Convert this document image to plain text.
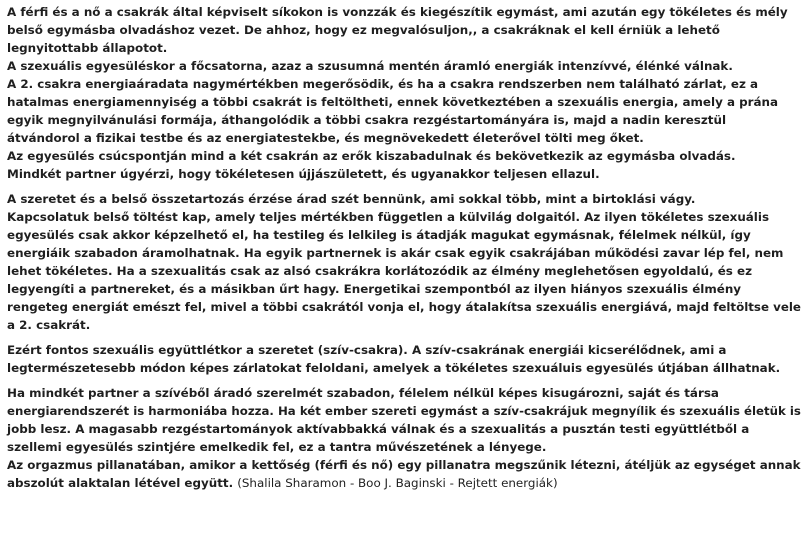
A férfi és a nő a csakrák által képviselt síkokon is vonzzák és kiegészítik egymást, ami azután egy tökéletes és mély
belső egymásba olvadáshoz vezet. De ahhoz, hogy ez megvalósuljon,, a csakráknak el kell érniük a lehető
legnyitottabb állapotot.
A szexuális egyesüléskor a főcsatorna, azaz a szusumná mentén áramló energiák intenzívvé, élénké válnak.
A 2. csakra energiaáradata nagymértékben megerősödik, és ha a csakra rendszerben nem található zárlat, ez a
hatalmas energiamennyiség a többi csakrát is feltöltheti, ennek következtében a szexuális energia, amely a prána
egyik megnyilvánulási formája, áthangolódik a többi csakra rezgéstartományára is, majd a nadin keresztül
átvándorol a fizikai testbe és az energiatestekbe, és megnövekedett életerővel tölti meg őket.
Az egyesülés csúcspontján mind a két csakrán az erők kiszabadulnak és bekövetkezik az egymásba olvadás.
Mindkét partner úgyérzi, hogy tökéletesen újjászületett, és ugyanakkor teljesen ellazul.
A szeretet és a belső összetartozás érzése árad szét bennünk, ami sokkal több, mint a birtoklási vágy.
Kapcsolatuk belső töltést kap, amely teljes mértékben független a külvilág dolgaitól. Az ilyen tökéletes szexuális
egyesülés csak akkor képzelhető el, ha testileg és lelkileg is átadják magukat egymásnak, félelmek nélkül, így
energiáik szabadon áramolhatnak. Ha egyik partnernek is akár csak egyik csakrájában működési zavar lép fel, nem
lehet tökéletes. Ha a szexualitás csak az alsó csakrákra korlátozódik az élmény meglehetősen egyoldalú, és ez
legyengíti a partnereket, és a másikban űrt hagy. Energetikai szempontból az ilyen hiányos szexuális élmény
rengeteg energiát emészt fel, mivel a többi csakrától vonja el, hogy átalakítsa szexuális energiává, majd feltöltse vele
a 2. csakrát.
Ezért fontos szexuális együttlétkor a szeretet (szív-csakra). A szív-csakrának energiái kicserélődnek, ami a
legtermészetesebb módon képes zárlatokat feloldani, amelyek a tökéletes szexuáluis egyesülés útjában állhatnak.
Ha mindkét partner a szívéből áradó szerelmét szabadon, félelem nélkül képes kisugározni, saját és társa
energiarendszerét is harmoniába hozza. Ha két ember szereti egymást a szív-csakrájuk megnyílik és szexuális életük is
jobb lesz. A magasabb rezgéstartományok aktívabbakká válnak és a szexualitás a pusztán testi együttlétből a
szellemi egyesülés szintjére emelkedik fel, ez a tantra művészetének a lényege.
Az orgazmus pillanatában, amikor a kettőség (férfi és nő) egy pillanatra megszűnik létezni, átéljük az egységet annak
abszolút alaktalan létével együtt. (Shalila Sharamon - Boo J. Baginski - Rejtett energiák)
